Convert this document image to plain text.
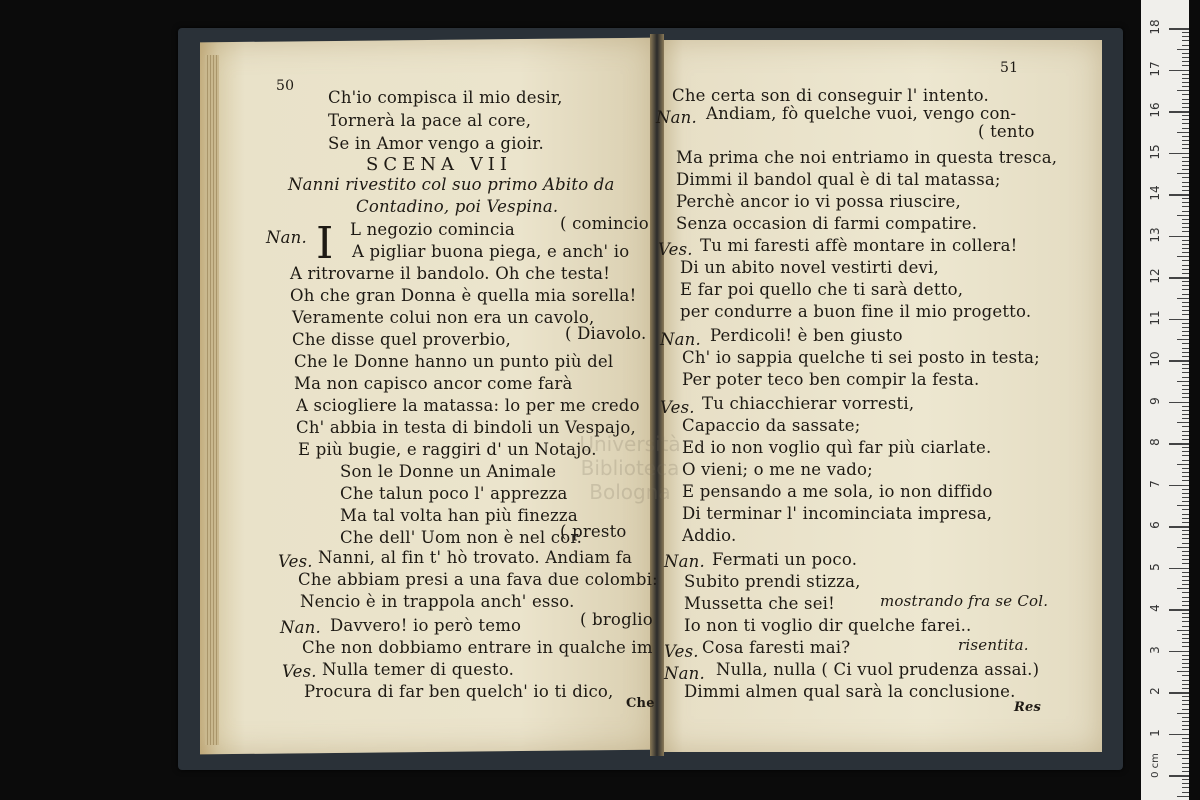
50
Ch'io compisca il mio desir,
Tornerà la pace al core,
Se in Amor vengo a gioir.
SCENA VII
Nanni rivestito col suo primo Abito da
Contadino, poi Vespina.
Nan. I L negozio comincia	( comincio
A pigliar buona piega, e anch' io
A ritrovarne il bandolo. Oh che testa!
Oh che gran Donna è quella mia sorella!
Veramente colui non era un cavolo,
Che disse quel proverbio,	( Diavolo.
Che le Donne hanno un punto più del
Ma non capisco ancor come farà
A sciogliere la matassa: lo per me credo
Ch' abbia in testa di bindoli un Vespajo,
E più bugie, e raggiri d' un Notajo.
Son le Donne un Animale
Che talun poco l' apprezza
Ma tal volta han più finezza
Che dell' Uom non è nel cor.
( presto
Ves. Nanni, al fin t' hò trovato. Andiam fa
Che abbiam presi a una fava due colombi:
Nencio è in trappola anch' esso.
Nan. Davvero! io però temo	( broglio
Che non dobbiamo entrare in qualche im
Ves. Nulla temer di questo.
Procura di far ben quelch' io ti dico,
Che
51
Che certa son di conseguir l' intento.
Nan. Andiam, fò quelche vuoi, vengo con-
( tento
Ma prima che noi entriamo in questa tresca,
Dimmi il bandol qual è di tal matassa;
Perchè ancor io vi possa riuscire,
Senza occasion di farmi compatire.
Ves. Tu mi faresti affè montare in collera!
Di un abito novel vestirti devi,
E far poi quello che ti sarà detto,
per condurre a buon fine il mio progetto.
Nan. Perdicoli! è ben giusto
Ch' io sappia quelche ti sei posto in testa;
Per poter teco ben compir la festa.
Ves. Tu chiacchierar vorresti,
Capaccio da sassate;
Ed io non voglio quì far più ciarlate.
O vieni; o me ne vado;
E pensando a me sola, io non diffido
Di terminar l' incominciata impresa,
Addio.
Nan. Fermati un poco.
Subito prendi stizza,
Mussetta che sei!	mostrando fra se Col.
Io non ti voglio dir quelche farei..
Ves. Cosa faresti mai?	risentita.
Nan. Nulla, nulla ( Ci vuol prudenza assai.)
Dimmi almen qual sarà la conclusione.
Res
Università Biblioteca Bologna
18
17
16
15
14
13
12
11
10
9
8
7
6
5
4
3
2
1
0 cm
